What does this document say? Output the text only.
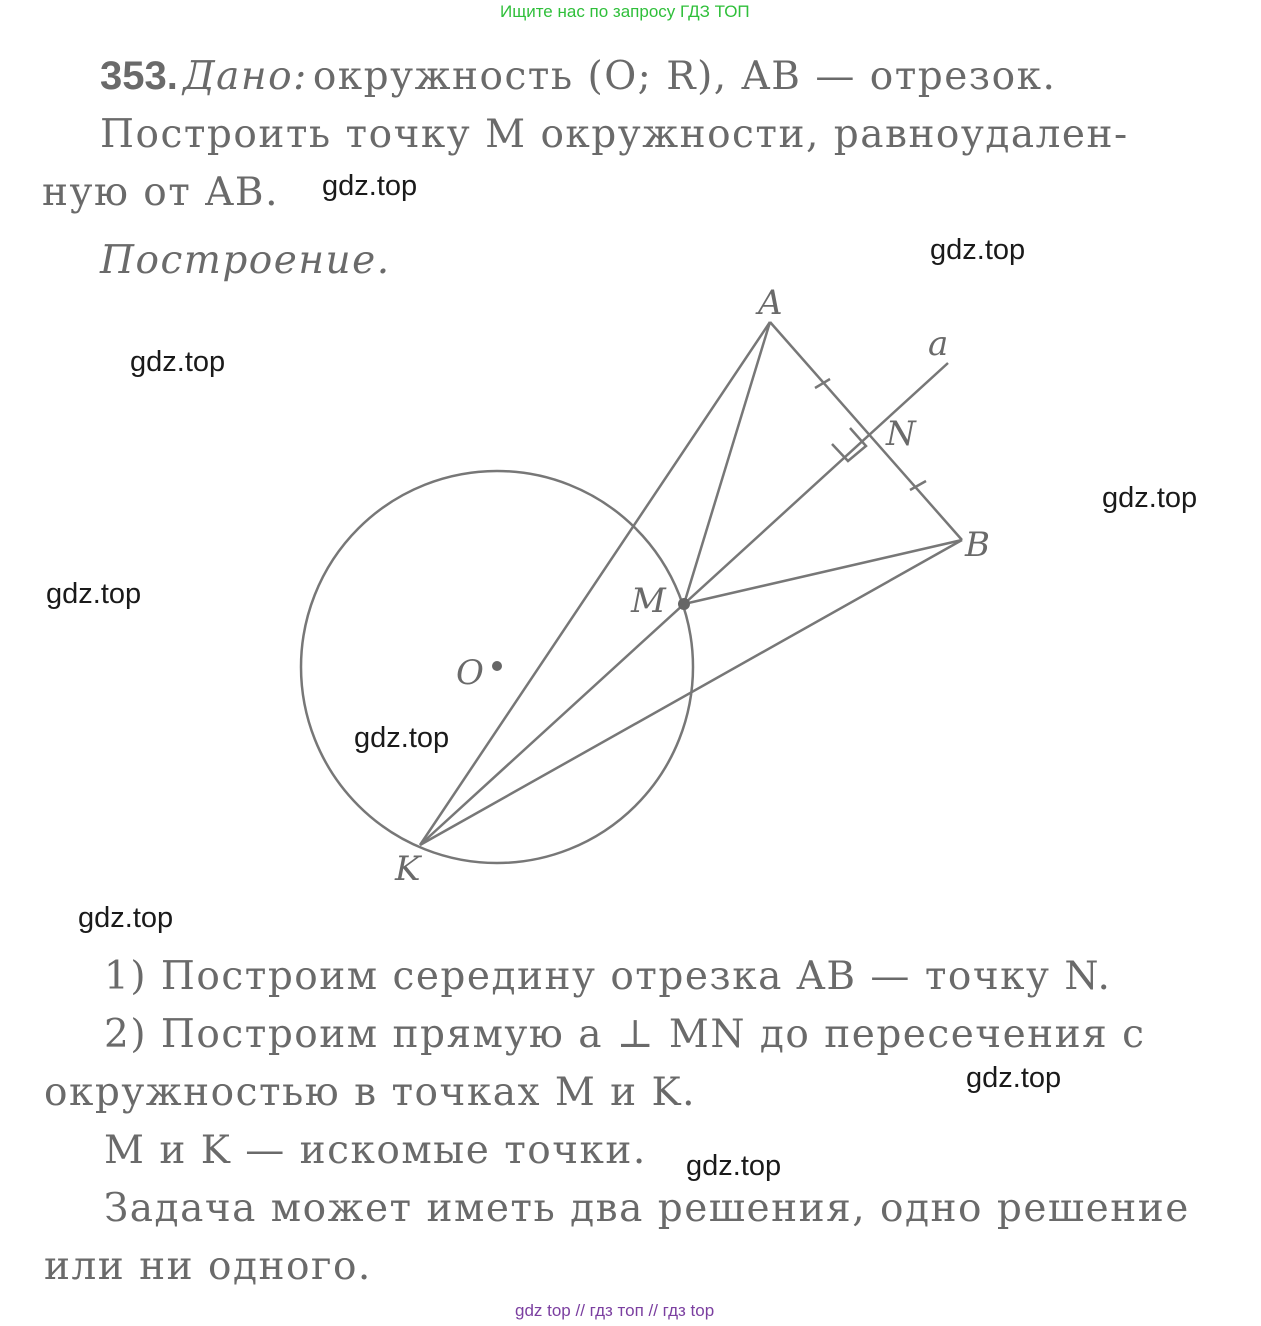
Ищите нас по запросу ГДЗ ТОП
353. Дано: окружность (O; R), AB — отрезок.
Построить точку M окружности, равноудален-
ную от AB.
Построение.
A
a
N
B
M
O
K
1) Построим середину отрезка AB — точку N.
2) Построим прямую a ⊥ MN до пересечения с
окружностью в точках M и K.
M и K — искомые точки.
Задача может иметь два решения, одно решение
или ни одного.
gdz.top
gdz.top
gdz.top
gdz.top
gdz.top
gdz.top
gdz.top
gdz.top
gdz.top
gdz top // гдз топ // гдз top
